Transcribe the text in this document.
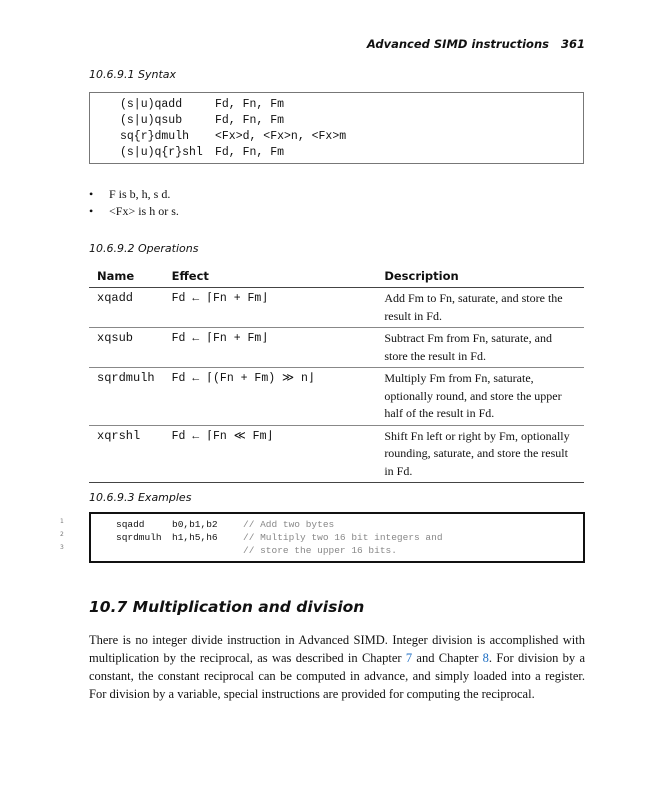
Advanced SIMD instructions 361
10.6.9.1 Syntax
(s|u)qadd	Fd, Fn, Fm
(s|u)qsub	Fd, Fn, Fm
sq{r}dmulh <Fx>d, <Fx>n, <Fx>m
(s|u)q{r}shl Fd, Fn, Fm
• F is b, h, s d.
• <Fx> is h or s.
10.6.9.2 Operations
Name	Effect	Description
xqadd	Fd ← ⌈Fn + Fm⌋	Add Fm to Fn, saturate, and store the result in Fd.
xqsub	Fd ← ⌈Fn + Fm⌋	Subtract Fm from Fn, saturate, and store the result in Fd.
sqrdmulh	Fd ← ⌈(Fn + Fm) ≫ n⌋	Multiply Fm from Fn, saturate, optionally round, and store the upper half of the result in Fd.
xqrshl	Fd ← ⌈Fn ≪ Fm⌋	Shift Fn left or right by Fm, optionally rounding, saturate, and store the result in Fd.
10.6.9.3 Examples
1
2
3
sqadd	b0,b1,b2	// Add two bytes
sqrdmulh h1,h5,h6	// Multiply two 16 bit integers and
// store the upper 16 bits.
10.7 Multiplication and division
There is no integer divide instruction in Advanced SIMD. Integer division is accomplished with multiplication by the reciprocal, as was described in Chapter 7 and Chapter 8. For division by a constant, the constant reciprocal can be computed in advance, and simply loaded into a register. For division by a variable, special instructions are provided for computing the reciprocal.
